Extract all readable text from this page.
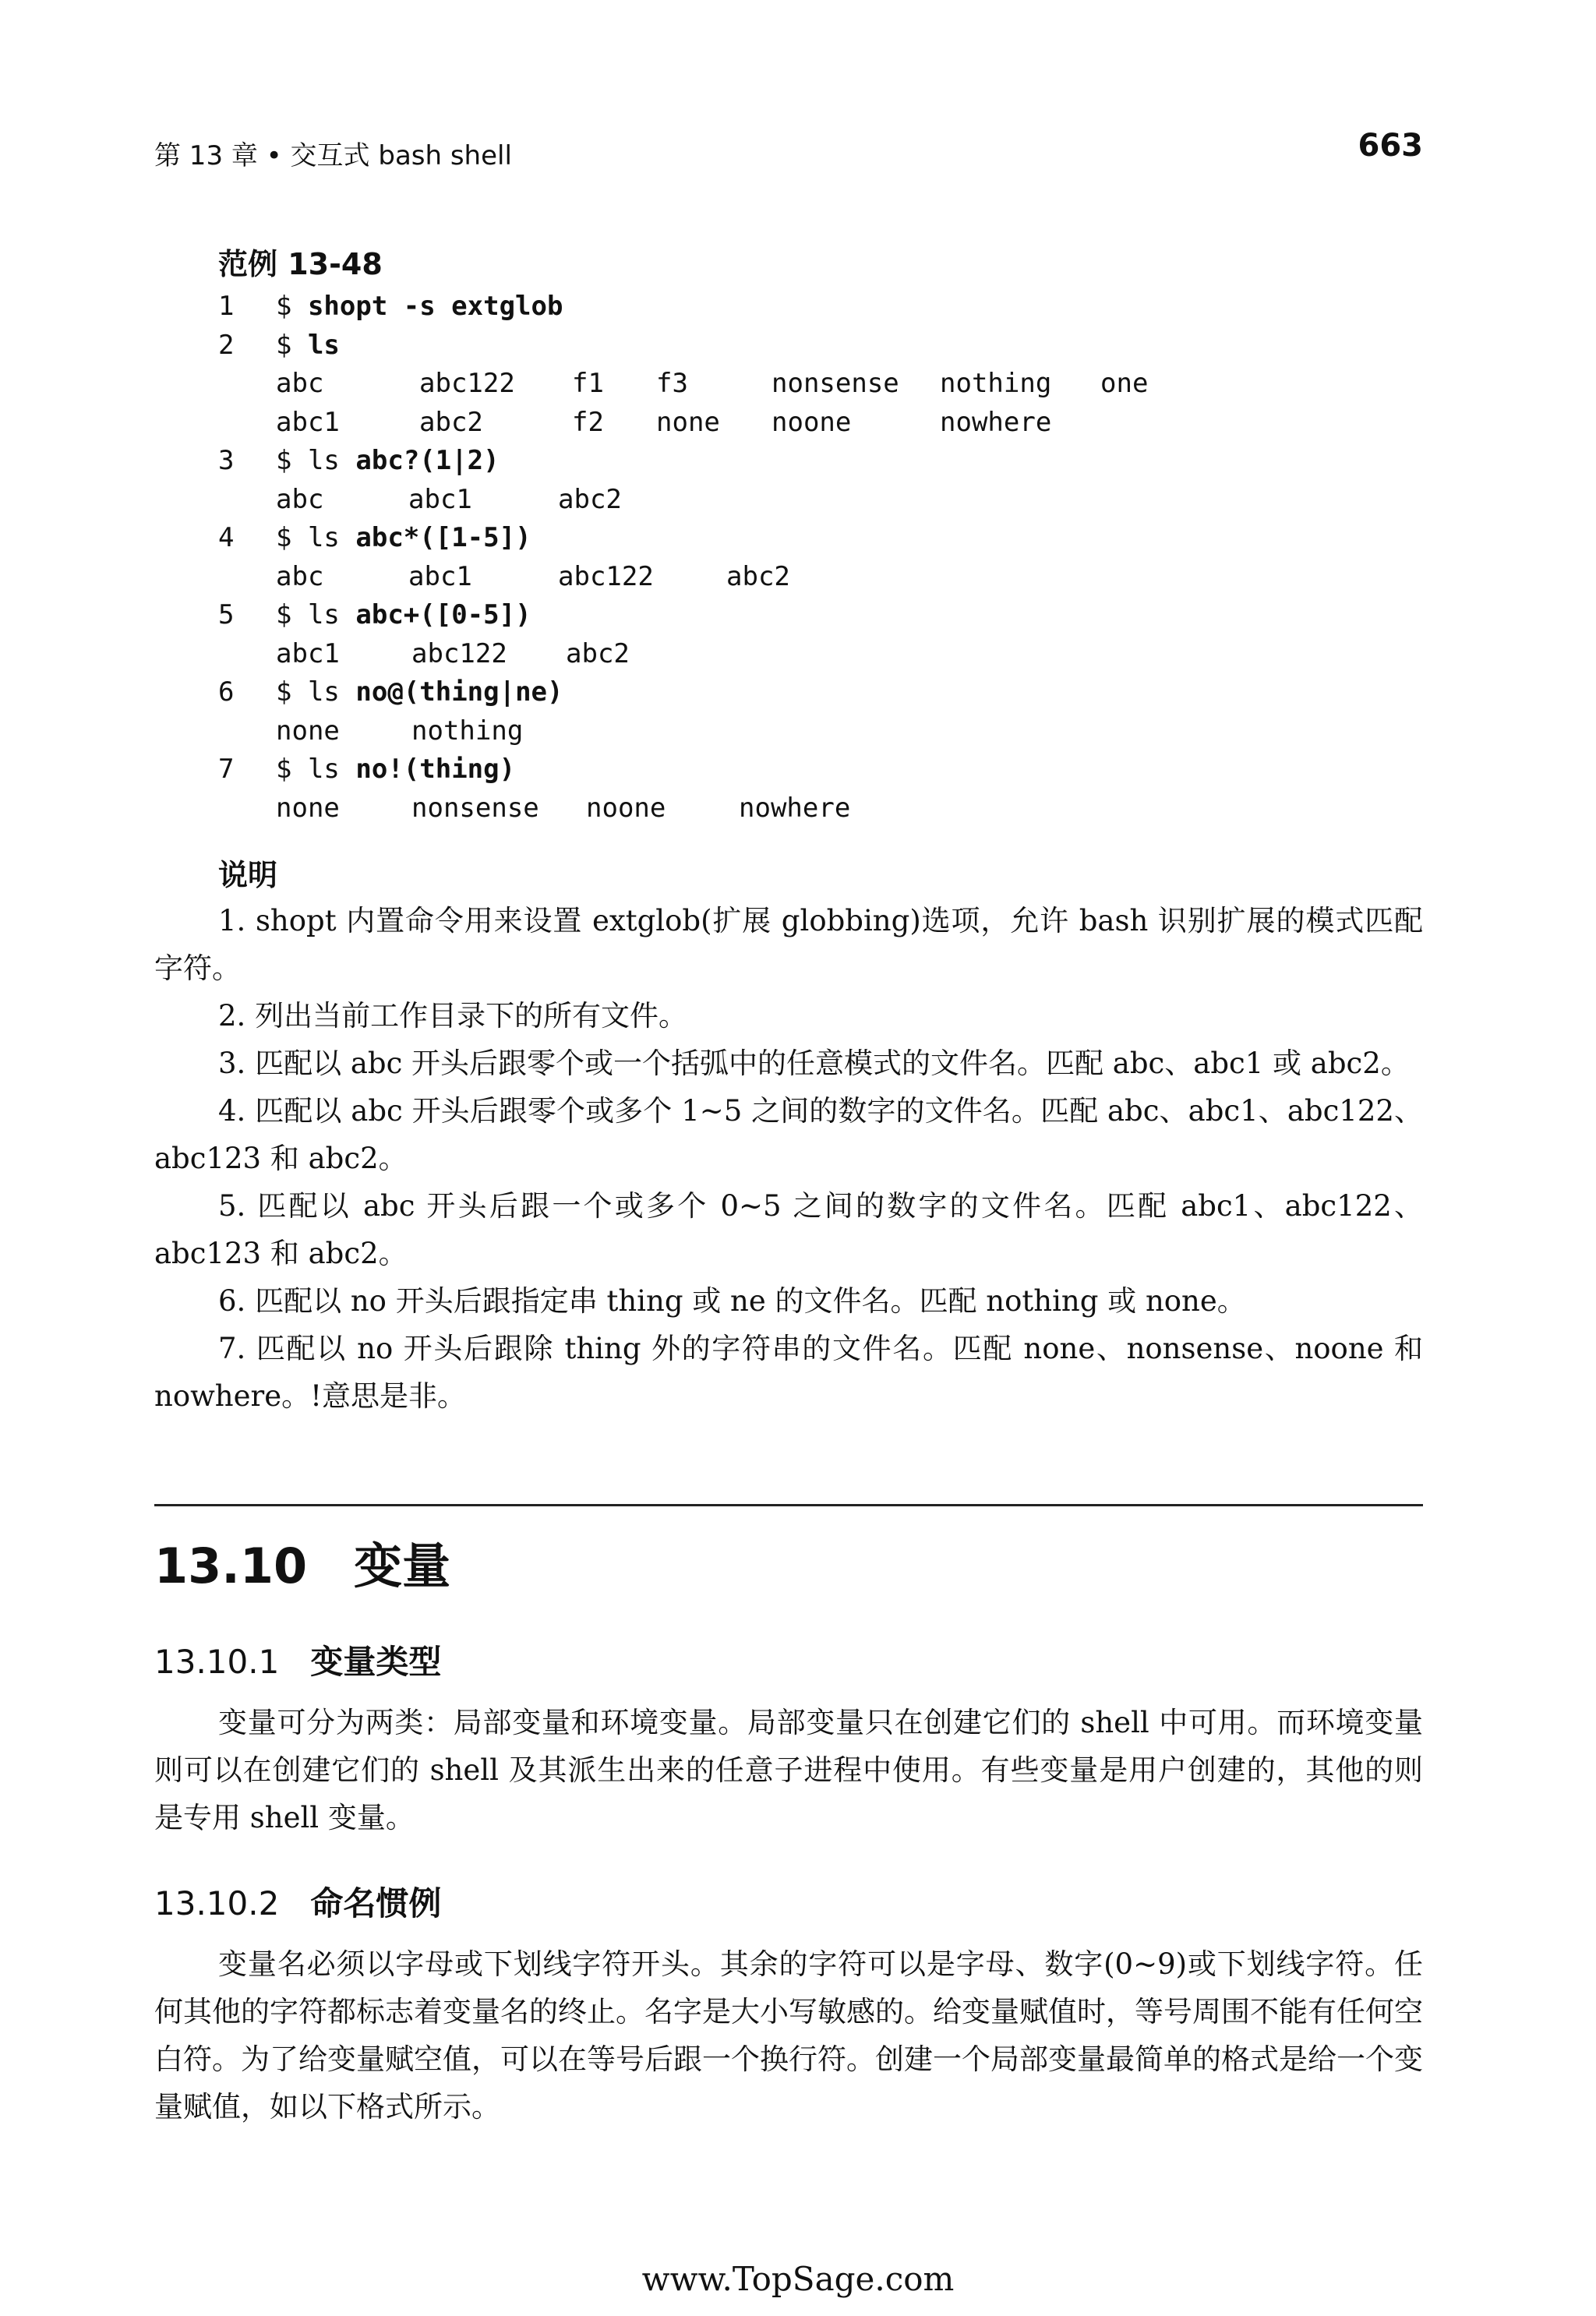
第 13 章 • 交互式 bash shell	663
范例 13-48
1	$ shopt -s extglob
2	$ ls
abc	abc122 f1 f3	nonsense nothing one
abc1	abc2	f2 none noone	nowhere
3	$ ls abc?(1|2)
abc	abc1	abc2
4	$ ls abc*([1-5])
abc	abc1	abc122	abc2
5	$ ls abc+([0-5])
abc1	abc122 abc2
6	$ ls no@(thing|ne)
none	nothing
7	$ ls no!(thing)
none	nonsense noone	nowhere
说明

1. shopt 内置命令用来设置 extglob(扩展 globbing)选项，允许 bash 识别扩展的模式匹配字符。

2. 列出当前工作目录下的所有文件。

3. 匹配以 abc 开头后跟零个或一个括弧中的任意模式的文件名。匹配 abc、abc1 或 abc2。

4. 匹配以 abc 开头后跟零个或多个 1~5 之间的数字的文件名。匹配 abc、abc1、abc122、abc123 和 abc2。

5. 匹配以 abc 开头后跟一个或多个 0~5 之间的数字的文件名。匹配 abc1、abc122、abc123 和 abc2。

6. 匹配以 no 开头后跟指定串 thing 或 ne 的文件名。匹配 nothing 或 none。

7. 匹配以 no 开头后跟除 thing 外的字符串的文件名。匹配 none、nonsense、noone 和 nowhere。!意思是非。

13.10 变量
13.10.1 变量类型

变量可分为两类：局部变量和环境变量。局部变量只在创建它们的 shell 中可用。而环境变量则可以在创建它们的 shell 及其派生出来的任意子进程中使用。有些变量是用户创建的，其他的则是专用 shell 变量。

13.10.2 命名惯例

变量名必须以字母或下划线字符开头。其余的字符可以是字母、数字(0~9)或下划线字符。任何其他的字符都标志着变量名的终止。名字是大小写敏感的。给变量赋值时，等号周围不能有任何空白符。为了给变量赋空值，可以在等号后跟一个换行符。创建一个局部变量最简单的格式是给一个变量赋值，如以下格式所示。

www.TopSage.com
